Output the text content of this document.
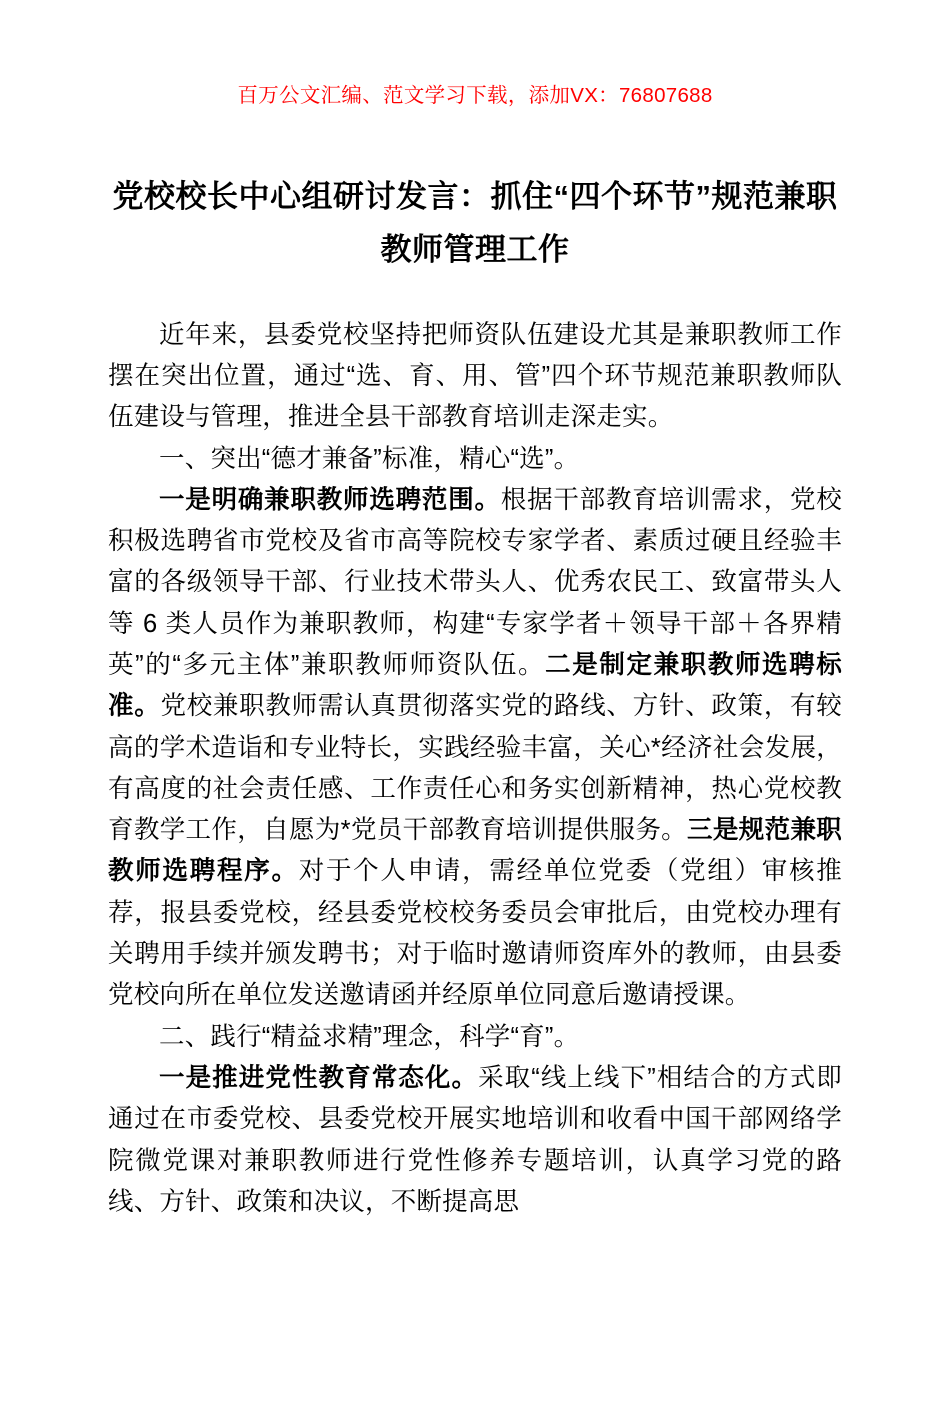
百万公文汇编、范文学习下载，添加VX：76807688
党校校长中心组研讨发言：抓住“四个环节”规范兼职教师管理工作

近年来，县委党校坚持把师资队伍建设尤其是兼职教师工作摆在突出位置，通过“选、育、用、管”四个环节规范兼职教师队伍建设与管理，推进全县干部教育培训走深走实。

一、突出“德才兼备”标准，精心“选”。

一是明确兼职教师选聘范围。根据干部教育培训需求，党校积极选聘省市党校及省市高等院校专家学者、素质过硬且经验丰富的各级领导干部、行业技术带头人、优秀农民工、致富带头人等 6 类人员作为兼职教师，构建“专家学者＋领导干部＋各界精英”的“多元主体”兼职教师师资队伍。二是制定兼职教师选聘标准。党校兼职教师需认真贯彻落实党的路线、方针、政策，有较高的学术造诣和专业特长，实践经验丰富，关心*经济社会发展，有高度的社会责任感、工作责任心和务实创新精神，热心党校教育教学工作，自愿为*党员干部教育培训提供服务。三是规范兼职教师选聘程序。对于个人申请，需经单位党委（党组）审核推荐，报县委党校，经县委党校校务委员会审批后，由党校办理有关聘用手续并颁发聘书；对于临时邀请师资库外的教师，由县委党校向所在单位发送邀请函并经原单位同意后邀请授课。

二、践行“精益求精”理念，科学“育”。

一是推进党性教育常态化。采取“线上线下”相结合的方式即通过在市委党校、县委党校开展实地培训和收看中国干部网络学院微党课对兼职教师进行党性修养专题培训，认真学习党的路线、方针、政策和决议，不断提高思
